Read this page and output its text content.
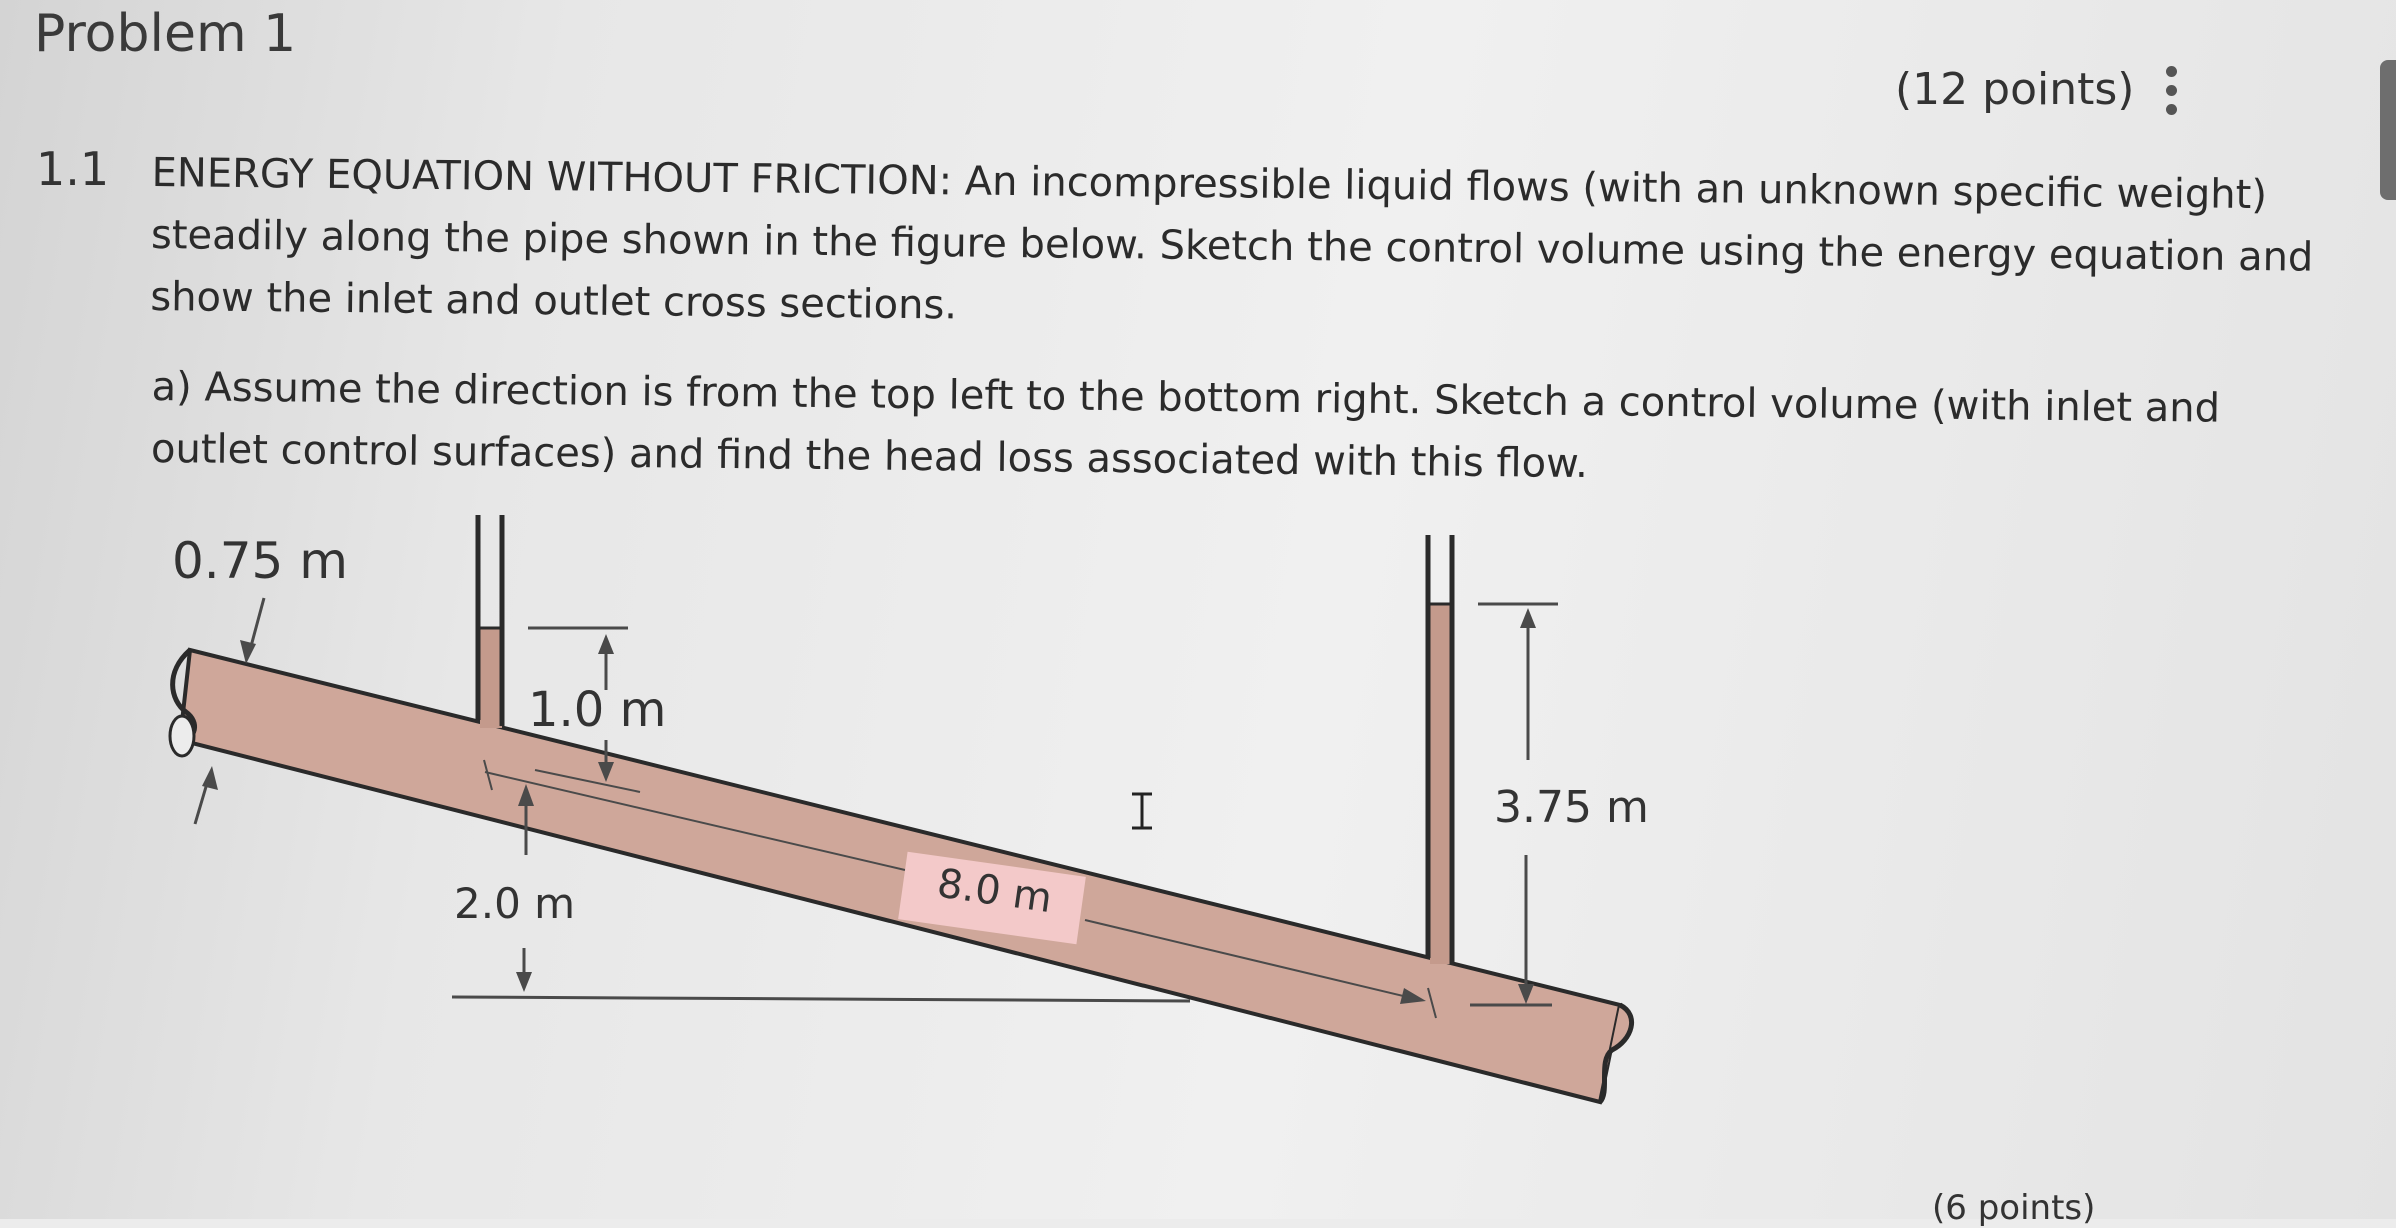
Problem 1
(12 points)
1.1 ENERGY EQUATION WITHOUT FRICTION: An incompressible liquid flows (with an unknown specific weight)
steadily along the pipe shown in the figure below. Sketch the control volume using the energy equation and
show the inlet and outlet cross sections.
a) Assume the direction is from the top left to the bottom right. Sketch a control volume (with inlet and
outlet control surfaces) and find the head loss associated with this flow.
0.75 m
1.0 m
2.0 m	8.0 m
3.75 m
(6 points)
